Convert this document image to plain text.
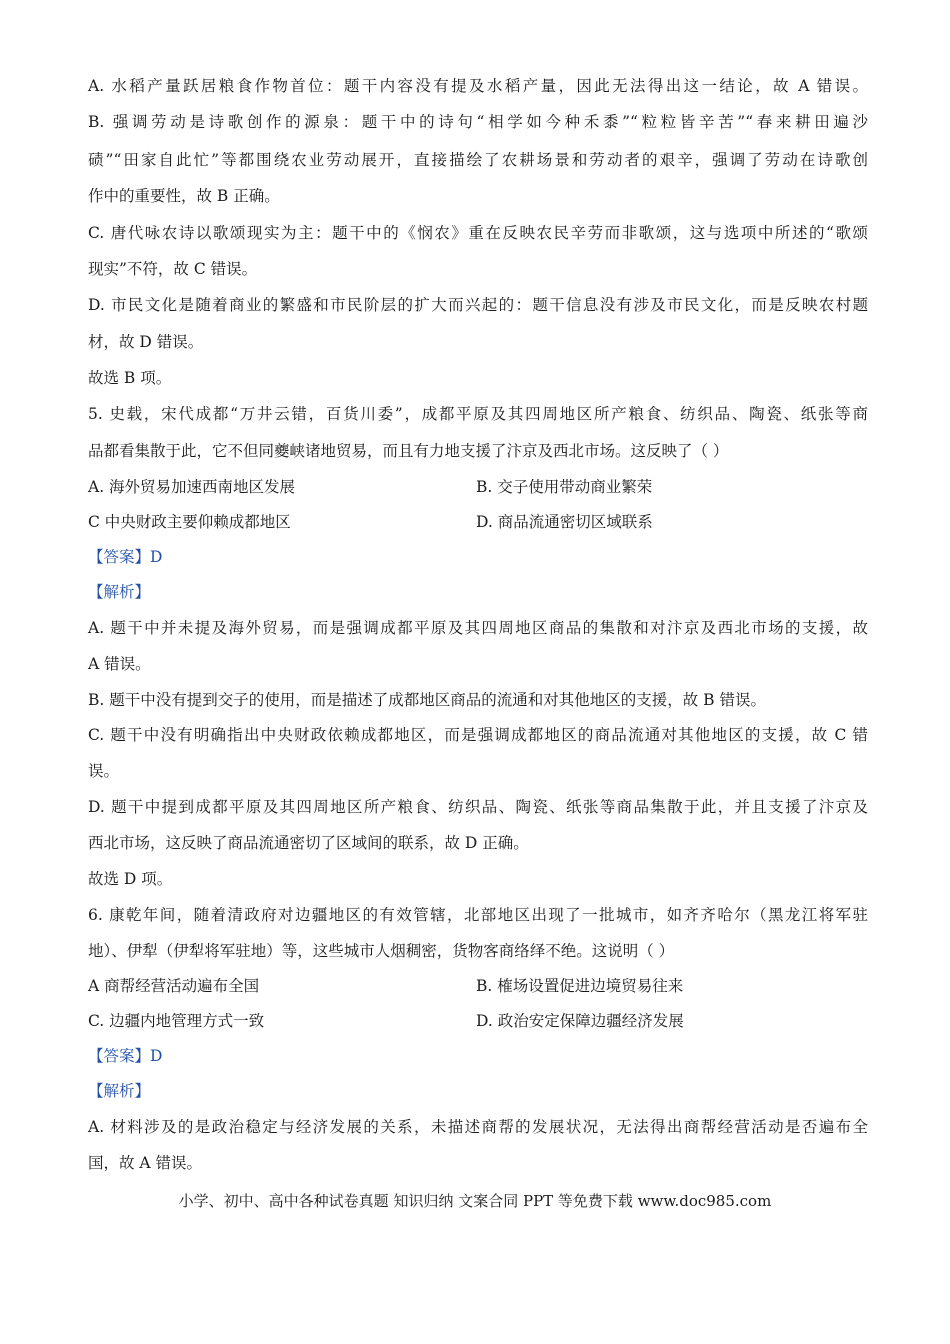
A. 水稻产量跃居粮食作物首位：题干内容没有提及水稻产量，因此无法得出这一结论，故 A 错误。
B. 强调劳动是诗歌创作的源泉：题干中的诗句“相学如今种禾黍”“粒粒皆辛苦”“春来耕田遍沙
碛”“田家自此忙”等都围绕农业劳动展开，直接描绘了农耕场景和劳动者的艰辛，强调了劳动在诗歌创
作中的重要性，故 B 正确。
C. 唐代咏农诗以歌颂现实为主：题干中的《悯农》重在反映农民辛劳而非歌颂，这与选项中所述的“歌颂
现实”不符，故 C 错误。
D. 市民文化是随着商业的繁盛和市民阶层的扩大而兴起的：题干信息没有涉及市民文化，而是反映农村题
材，故 D 错误。
故选 B 项。
5. 史载，宋代成都“万井云错，百货川委”，成都平原及其四周地区所产粮食、纺织品、陶瓷、纸张等商
品都看集散于此，它不但同夔峡诸地贸易，而且有力地支援了汴京及西北市场。这反映了（ ）
A. 海外贸易加速西南地区发展	B. 交子使用带动商业繁荣
C 中央财政主要仰赖成都地区	D. 商品流通密切区域联系
【答案】D
【解析】
A. 题干中并未提及海外贸易，而是强调成都平原及其四周地区商品的集散和对汴京及西北市场的支援，故
A 错误。
B. 题干中没有提到交子的使用，而是描述了成都地区商品的流通和对其他地区的支援，故 B 错误。
C. 题干中没有明确指出中央财政依赖成都地区，而是强调成都地区的商品流通对其他地区的支援，故 C 错
误。
D. 题干中提到成都平原及其四周地区所产粮食、纺织品、陶瓷、纸张等商品集散于此，并且支援了汴京及
西北市场，这反映了商品流通密切了区域间的联系，故 D 正确。
故选 D 项。
6. 康乾年间，随着清政府对边疆地区的有效管辖，北部地区出现了一批城市，如齐齐哈尔（黑龙江将军驻
地）、伊犁（伊犁将军驻地）等，这些城市人烟稠密，货物客商络绎不绝。这说明（ ）
A 商帮经营活动遍布全国	B. 榷场设置促进边境贸易往来
C. 边疆内地管理方式一致	D. 政治安定保障边疆经济发展
【答案】D
【解析】
A. 材料涉及的是政治稳定与经济发展的关系，未描述商帮的发展状况，无法得出商帮经营活动是否遍布全
国，故 A 错误。
小学、初中、高中各种试卷真题 知识归纳 文案合同 PPT 等免费下载 www.doc985.com
